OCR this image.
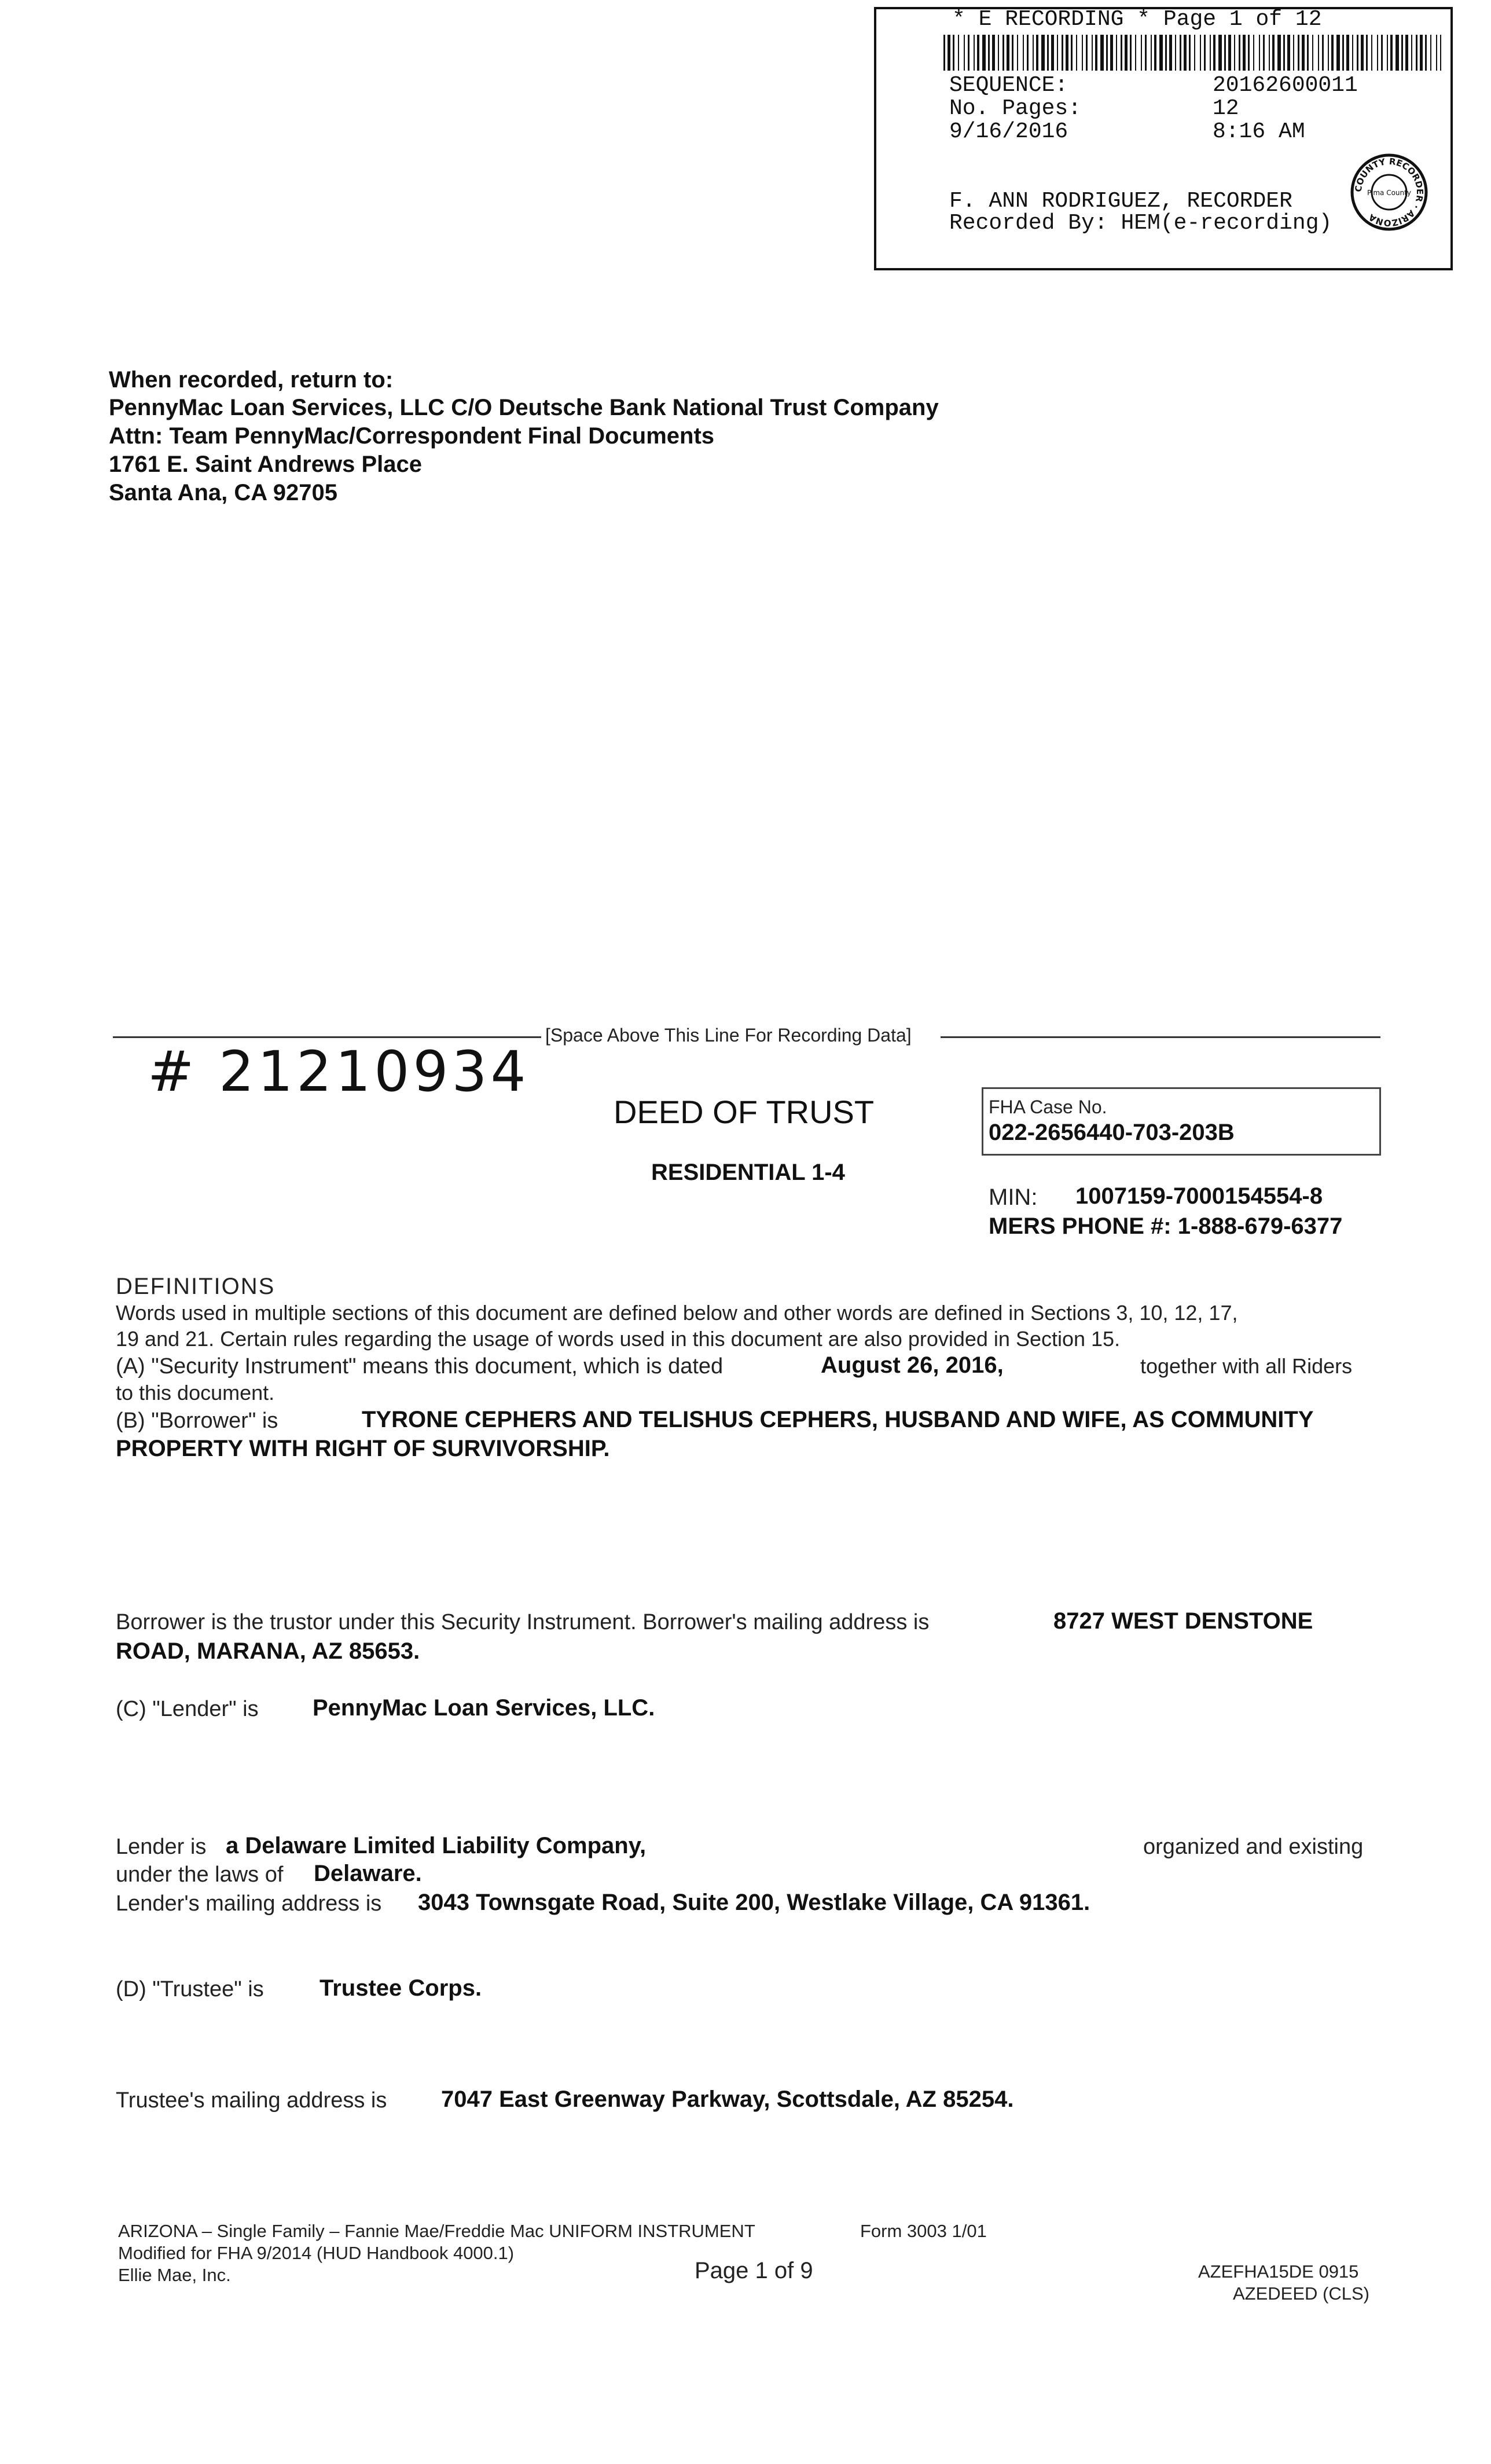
* E RECORDING * Page 1 of 12
SEQUENCE:	20162600011
No. Pages:	12
9/16/2016	8:16 AM
F. ANN RODRIGUEZ, RECORDER
Recorded By: HEM(e-recording)
COUNTY RECORDER · ARIZONA
Pima County
When recorded, return to:
PennyMac Loan Services, LLC C/O Deutsche Bank National Trust Company
Attn: Team PennyMac/Correspondent Final Documents
1761 E. Saint Andrews Place
Santa Ana, CA 92705
[Space Above This Line For Recording Data]
# 21210934
DEED OF TRUST
RESIDENTIAL 1-4
FHA Case No.
022-2656440-703-203B
MIN: 1007159-7000154554-8
MERS PHONE #: 1-888-679-6377
DEFINITIONS
Words used in multiple sections of this document are defined below and other words are defined in Sections 3, 10, 12, 17,
19 and 21. Certain rules regarding the usage of words used in this document are also provided in Section 15.
(A) "Security Instrument" means this document, which is dated	August 26, 2016,	together with all Riders
to this document.
(B) "Borrower" is	TYRONE CEPHERS AND TELISHUS CEPHERS, HUSBAND AND WIFE, AS COMMUNITY
PROPERTY WITH RIGHT OF SURVIVORSHIP.
Borrower is the trustor under this Security Instrument. Borrower's mailing address is	8727 WEST DENSTONE
ROAD, MARANA, AZ 85653.
(C) "Lender" is PennyMac Loan Services, LLC.
Lender is a Delaware Limited Liability Company,	organized and existing
under the laws of Delaware.
Lender's mailing address is 3043 Townsgate Road, Suite 200, Westlake Village, CA 91361.
(D) "Trustee" is Trustee Corps.
Trustee's mailing address is 7047 East Greenway Parkway, Scottsdale, AZ 85254.
ARIZONA – Single Family – Fannie Mae/Freddie Mac UNIFORM INSTRUMENT	Form 3003 1/01
Modified for FHA 9/2014 (HUD Handbook 4000.1)
Ellie Mae, Inc.	Page 1 of 9	AZEFHA15DE 0915
AZEDEED (CLS)
